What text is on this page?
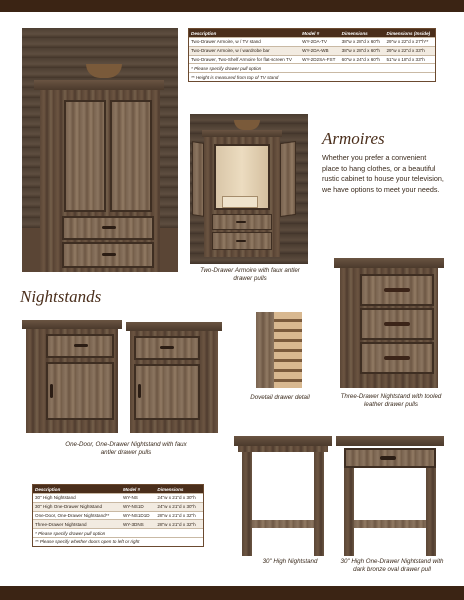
Description	Model #	Dimensions	Dimensions (Inside)
Two-Drawer Armoire, w / TV stand	WY-2DA-TV	38"w x 28"d x 60"h	29"w x 22"d x 27"h**
Two-Drawer Armoire, w / wardrobe bar	WY-2DA-WB	38"w x 28"d x 60"h	29"w x 22"d x 33"h
Two-Drawer, Two-Shelf Armoire for flat-screen TV	WY-2D2SA-FST	60"w x 24"d x 60"h	51"w x 18"d x 33"h
* Please specify drawer pull option
** Height is measured from top of TV stand
Armoires
Whether you prefer a convenient place to hang clothes, or a beautiful rustic cabinet to house your television, we have options to meet your needs.
Two-Drawer Armoire with faux antler drawer pulls
Nightstands
One-Door, One-Drawer Nightstand with faux antler drawer pulls
Dovetail drawer detail	Three-Drawer Nightstand with tooled leather drawer pulls
Description	Model #	Dimensions
30" High Nightstand	WY-NS	24"w x 21"d x 30"h
30" High One-Drawer Nightstand	WY-NS1D	24"w x 21"d x 30"h
One-Door, One-Drawer Nightstand**	WY-NS1D1D	28"w x 21"d x 32"h
Three-Drawer Nightstand	WY-3DNS	28"w x 21"d x 32"h
* Please specify drawer pull option
** Please specify whether doors open to left or right
30" High Nightstand	30" High One-Drawer Nightstand with dark bronze oval drawer pull
